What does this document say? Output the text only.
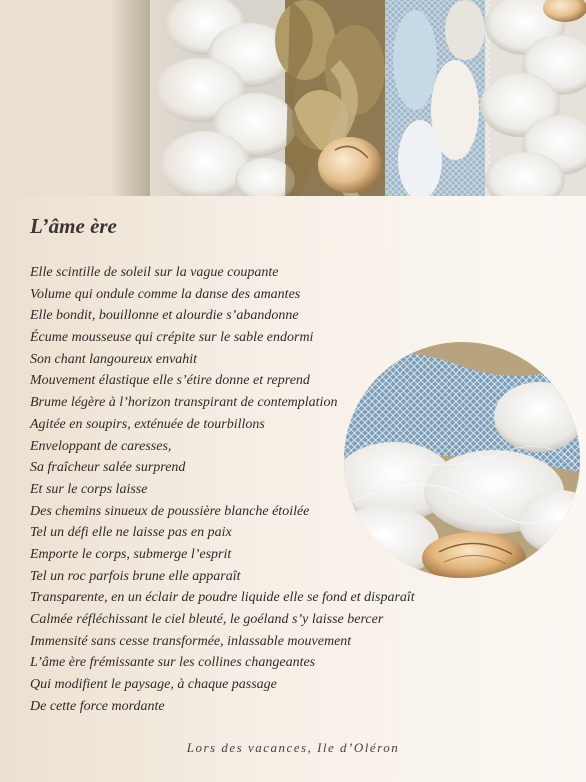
L’âme ère
Elle scintille de soleil sur la vague coupante
Volume qui ondule comme la danse des amantes
Elle bondit, bouillonne et alourdie s’abandonne
Écume mousseuse qui crépite sur le sable endormi
Son chant langoureux envahit
Mouvement élastique elle s’étire donne et reprend
Brume légère à l’horizon transpirant de contemplation
Agitée en soupirs, exténuée de tourbillons
Enveloppant de caresses,
Sa fraîcheur salée surprend
Et sur le corps laisse
Des chemins sinueux de poussière blanche étoilée
Tel un défi elle ne laisse pas en paix
Emporte le corps, submerge l’esprit
Tel un roc parfois brune elle apparaît
Transparente, en un éclair de poudre liquide elle se fond et disparaît
Calmée réfléchissant le ciel bleuté, le goéland s’y laisse bercer
Immensité sans cesse transformée, inlassable mouvement
L’âme ère frémissante sur les collines changeantes
Qui modifient le paysage, à chaque passage
De cette force mordante

Lors des vacances, Ile d’Oléron
